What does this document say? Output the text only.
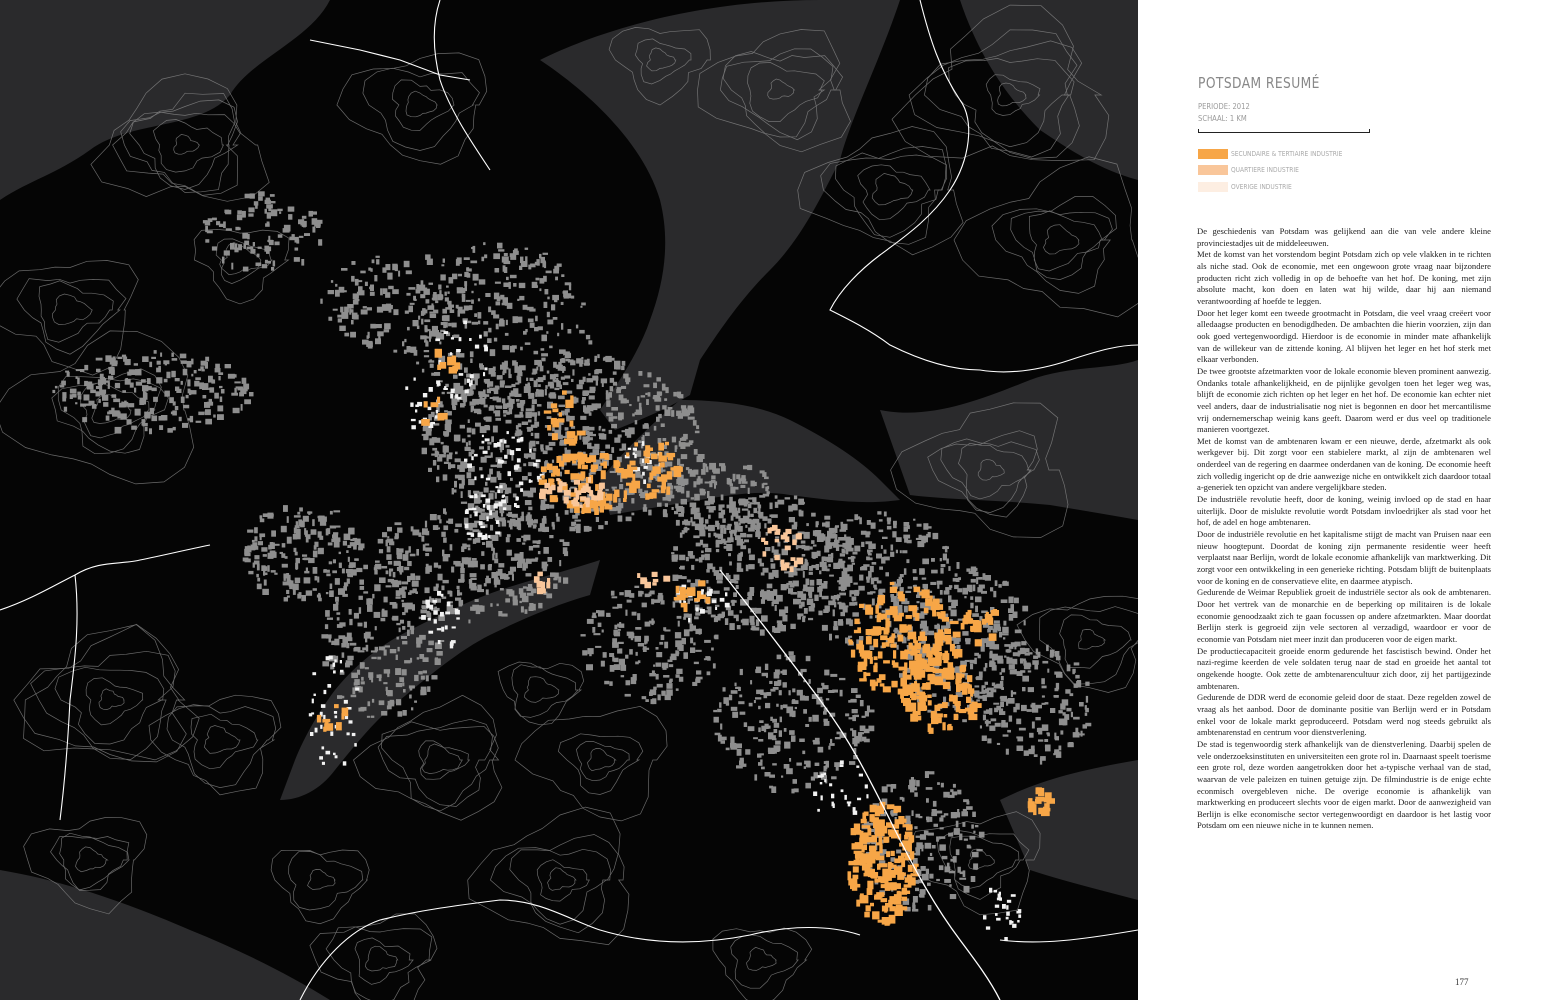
POTSDAM RESUMÉ
PERIODE: 2012
SCHAAL: 1 KM
SECUNDAIRE & TERTIAIRE INDUSTRIE
QUARTIERE INDUSTRIE
OVERIGE INDUSTRIE

De geschiedenis van Potsdam was gelijkend aan die van vele andere kleine provinciestadjes uit de middeleeuwen.

Met de komst van het vorstendom begint Potsdam zich op vele vlakken in te richten als niche stad. Ook de economie, met een ongewoon grote vraag naar bijzondere producten richt zich volledig in op de behoefte van het hof. De koning, met zijn absolute macht, kon doen en laten wat hij wilde, daar hij aan niemand verantwoording af hoefde te leggen.

Door het leger komt een tweede grootmacht in Potsdam, die veel vraag creëert voor alledaagse producten en benodigdheden. De ambachten die hierin voorzien, zijn dan ook goed vertegenwoordigd. Hierdoor is de economie in minder mate afhankelijk van de willekeur van de zittende koning. Al blijven het leger en het hof sterk met elkaar verbonden.

De twee grootste afzetmarkten voor de lokale economie bleven prominent aanwezig. Ondanks totale afhankelijkheid, en de pijnlijke gevolgen toen het leger weg was, blijft de economie zich richten op het leger en het hof. De economie kan echter niet veel anders, daar de industrialisatie nog niet is begonnen en door het mercantilisme vrij ondernemerschap weinig kans geeft. Daarom werd er dus veel op traditionele manieren voortgezet.

Met de komst van de ambtenaren kwam er een nieuwe, derde, afzetmarkt als ook werkgever bij. Dit zorgt voor een stabielere markt, al zijn de ambtenaren wel onderdeel van de regering en daarmee onderdanen van de koning. De economie heeft zich volledig ingericht op de drie aanwezige niche en ontwikkelt zich daardoor totaal a-generiek ten opzicht van andere vergelijkbare steden.

De industriële revolutie heeft, door de koning, weinig invloed op de stad en haar uiterlijk. Door de mislukte revolutie wordt Potsdam invloedrijker als stad voor het hof, de adel en hoge ambtenaren.

Door de industriële revolutie en het kapitalisme stijgt de macht van Pruisen naar een nieuw hoogtepunt. Doordat de koning zijn permanente residentie weer heeft verplaatst naar Berlijn, wordt de lokale economie afhankelijk van marktwerking. Dit zorgt voor een ontwikkeling in een generieke richting. Potsdam blijft de buitenplaats voor de koning en de conservatieve elite, en daarmee atypisch.

Gedurende de Weimar Republiek groeit de industriële sector als ook de ambtenaren. Door het vertrek van de monarchie en de beperking op militairen is de lokale economie genoodzaakt zich te gaan focussen op andere afzetmarkten. Maar doordat Berlijn sterk is gegroeid zijn vele sectoren al verzadigd, waardoor er voor de economie van Potsdam niet meer inzit dan produceren voor de eigen markt.

De productiecapaciteit groeide enorm gedurende het fascistisch bewind. Onder het nazi-regime keerden de vele soldaten terug naar de stad en groeide het aantal tot ongekende hoogte. Ook zette de ambtenarencultuur zich door, zij het partijgezinde ambtenaren.

Gedurende de DDR werd de economie geleid door de staat. Deze regelden zowel de vraag als het aanbod. Door de dominante positie van Berlijn werd er in Potsdam enkel voor de lokale markt geproduceerd. Potsdam werd nog steeds gebruikt als ambtenarenstad en centrum voor dienstverlening.

De stad is tegenwoordig sterk afhankelijk van de dienstverlening. Daarbij spelen de vele onderzoeksinstituten en universiteiten een grote rol in. Daarnaast speelt toerisme een grote rol, deze worden aangetrokken door het a-typische verhaal van de stad, waarvan de vele paleizen en tuinen getuige zijn. De filmindustrie is de enige echte econmisch overgebleven niche. De overige economie is afhankelijk van marktwerking en produceert slechts voor de eigen markt. Door de aanwezigheid van Berlijn is elke economische sector vertegenwoordigt en daardoor is het lastig voor Potsdam om een nieuwe niche in te kunnen nemen.

177
